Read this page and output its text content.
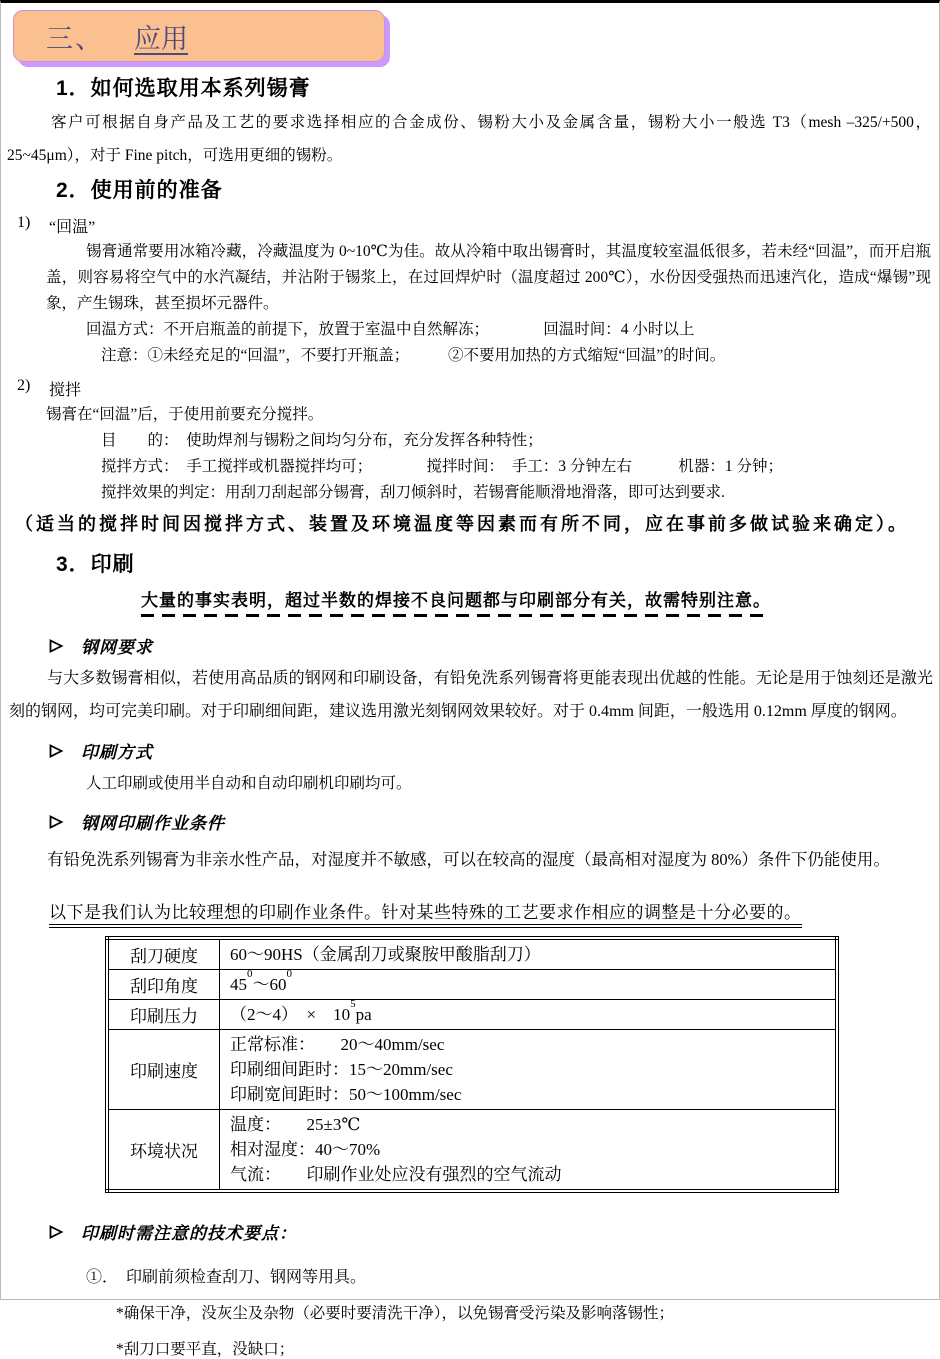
三、 应用
1．如何选取用本系列锡膏
客户可根据自身产品及工艺的要求选择相应的合金成份、锡粉大小及金属含量，锡粉大小一般选 T3（mesh –325/+500，25~45μm），对于 Fine pitch，可选用更细的锡粉。
2．使用前的准备
1)	“回温”
锡膏通常要用冰箱冷藏，冷藏温度为 0~10℃为佳。故从冷箱中取出锡膏时，其温度较室温低很多，若未经“回温”，而开启瓶盖，则容易将空气中的水汽凝结，并沾附于锡浆上，在过回焊炉时（温度超过 200℃），水份因受强热而迅速汽化，造成“爆锡”现象，产生锡珠，甚至损坏元器件。
回温方式：不开启瓶盖的前提下，放置于室温中自然解冻；　　　　回温时间：4 小时以上
注意：①未经充足的“回温”，不要打开瓶盖；　　　②不要用加热的方式缩短“回温”的时间。
2)	搅拌
锡膏在“回温”后，于使用前要充分搅拌。
目　　的：　使助焊剂与锡粉之间均匀分布，充分发挥各种特性；
搅拌方式：　手工搅拌或机器搅拌均可；　　　　搅拌时间：　手工：3 分钟左右　　　机器：1 分钟；
搅拌效果的判定：用刮刀刮起部分锡膏，刮刀倾斜时，若锡膏能顺滑地滑落，即可达到要求.
（适当的搅拌时间因搅拌方式、装置及环境温度等因素而有所不同，应在事前多做试验来确定）。
3．印刷
大量的事实表明，超过半数的焊接不良问题都与印刷部分有关，故需特别注意。
钢网要求
与大多数锡膏相似，若使用高品质的钢网和印刷设备，有铅免洗系列锡膏将更能表现出优越的性能。无论是用于蚀刻还是激光刻的钢网，均可完美印刷。对于印刷细间距，建议选用激光刻钢网效果较好。对于 0.4mm 间距，一般选用 0.12mm 厚度的钢网。
印刷方式
人工印刷或使用半自动和自动印刷机印刷均可。
钢网印刷作业条件
有铅免洗系列锡膏为非亲水性产品，对湿度并不敏感，可以在较高的湿度（最高相对湿度为 80%）条件下仍能使用。
以下是我们认为比较理想的印刷作业条件。针对某些特殊的工艺要求作相应的调整是十分必要的。
刮刀硬度	60～90HS（金属刮刀或聚胺甲酸脂刮刀）
刮印角度	$45^0\sim 60^0$
印刷压力	（2～4）　×　$10^5pa$
印刷速度	正常标准：　　20～40mm/sec
印刷细间距时：15～20mm/sec
印刷宽间距时：50～100mm/sec

环境状况	温度：　　25±3℃
相对湿度：40～70%
气流：　　印刷作业处应没有强烈的空气流动
印刷时需注意的技术要点：
①．　印刷前须检查刮刀、钢网等用具。
*确保干净，没灰尘及杂物（必要时要清洗干净），以免锡膏受污染及影响落锡性；
*刮刀口要平直，没缺口；
